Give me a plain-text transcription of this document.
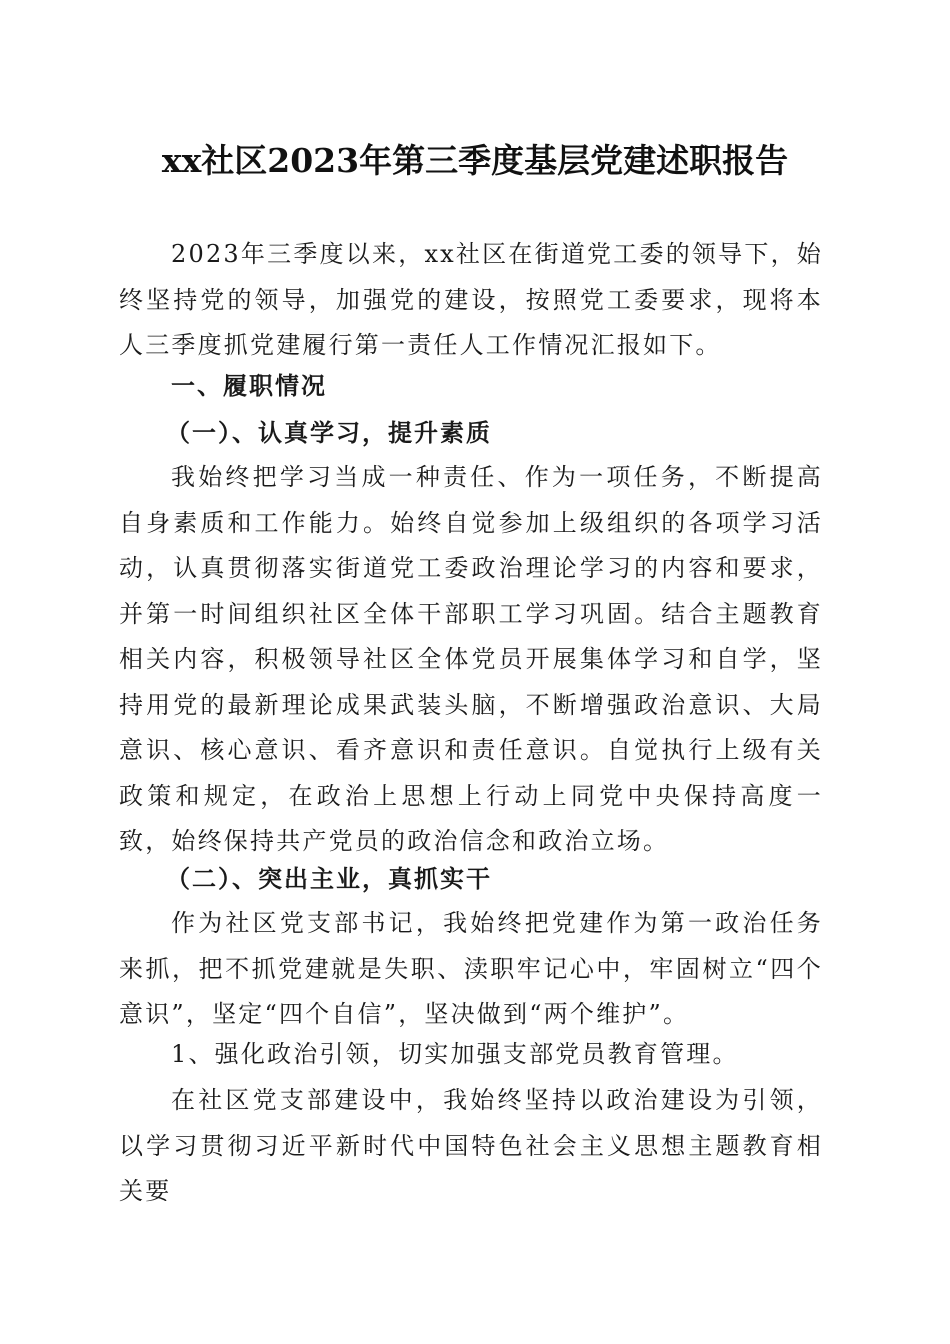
xx社区2023年第三季度基层党建述职报告

2023年三季度以来，xx社区在街道党工委的领导下，始终坚持党的领导，加强党的建设，按照党工委要求，现将本人三季度抓党建履行第一责任人工作情况汇报如下。

一、履职情况

（一）、认真学习，提升素质

我始终把学习当成一种责任、作为一项任务，不断提高自身素质和工作能力。始终自觉参加上级组织的各项学习活动，认真贯彻落实街道党工委政治理论学习的内容和要求，并第一时间组织社区全体干部职工学习巩固。结合主题教育相关内容，积极领导社区全体党员开展集体学习和自学，坚持用党的最新理论成果武装头脑，不断增强政治意识、大局意识、核心意识、看齐意识和责任意识。自觉执行上级有关政策和规定，在政治上思想上行动上同党中央保持高度一致，始终保持共产党员的政治信念和政治立场。

（二）、突出主业，真抓实干

作为社区党支部书记，我始终把党建作为第一政治任务来抓，把不抓党建就是失职、渎职牢记心中，牢固树立“四个意识”，坚定“四个自信”，坚决做到“两个维护”。

1、强化政治引领，切实加强支部党员教育管理。

在社区党支部建设中，我始终坚持以政治建设为引领，以学习贯彻习近平新时代中国特色社会主义思想主题教育相关要
